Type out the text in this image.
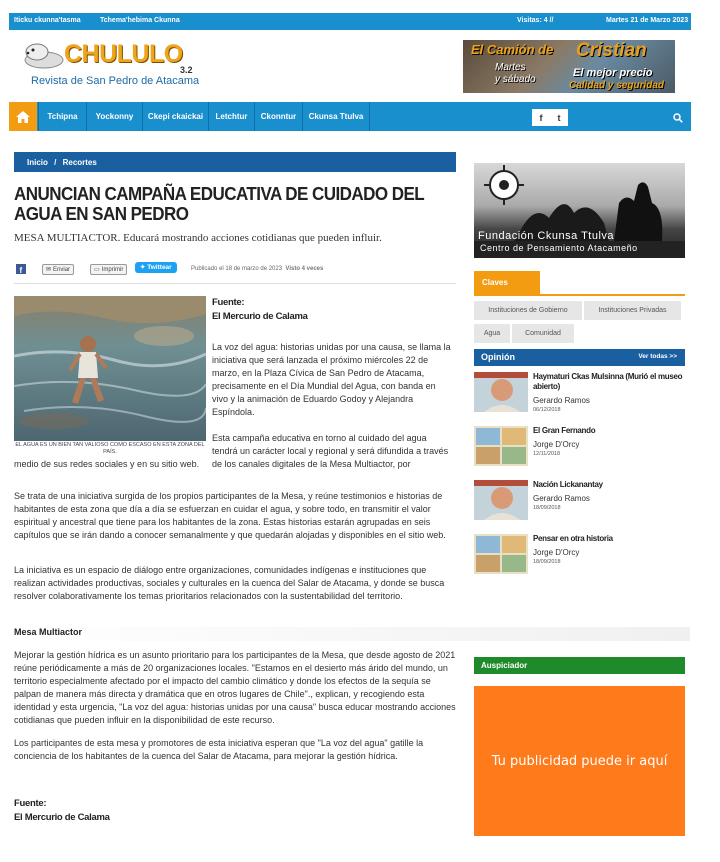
Iticku ckunna'tasma	Tchema'hebima Ckunna	Visitas: 4 //	Martes 21 de Marzo 2023
CHULULO
3.2
Revista de San Pedro de Atacama
El Camión de Cristian
Martes
y sábado
El mejor precio
Calidad y seguridad
Tchipna	Yockonny	Ckepi ckaickai	Letchtur	Ckonntur	Ckunsa Ttulva	f t
Inicio / Recortes
ANUNCIAN CAMPAÑA EDUCATIVA DE CUIDADO DEL AGUA EN SAN PEDRO
MESA MULTIACTOR. Educará mostrando acciones cotidianas que pueden influir.
f	✉ Enviar	▭ Imprimir	✦ Twittear	Publicado el 18 de marzo de 2023 Visto 4 veces
EL AGUA ES UN BIEN TAN VALIOSO COMO ESCASO EN ESTA ZONA DEL PAÍS.
Fuente:
El Mercurio de Calama
La voz del agua: historias unidas por una causa, se llama la iniciativa que será lanzada el próximo miércoles 22 de marzo, en la Plaza Cívica de San Pedro de Atacama, precisamente en el Día Mundial del Agua, con banda en vivo y la animación de Eduardo Godoy y Alejandra Espíndola.
Esta campaña educativa en torno al cuidado del agua tendrá un carácter local y regional y será difundida a través de los canales digitales de la Mesa Multiactor, por
medio de sus redes sociales y en su sitio web.
Se trata de una iniciativa surgida de los propios participantes de la Mesa, y reúne testimonios e historias de habitantes de esta zona que día a día se esfuerzan en cuidar el agua, y sobre todo, en transmitir el valor espiritual y ancestral que tiene para los habitantes de la zona. Estas historias estarán agrupadas en seis capítulos que se irán dando a conocer semanalmente y que quedarán alojadas y disponibles en el sitio web.
La iniciativa es un espacio de diálogo entre organizaciones, comunidades indígenas e instituciones que realizan actividades productivas, sociales y culturales en la cuenca del Salar de Atacama, y donde se busca resolver colaborativamente los temas prioritarios relacionados con la sustentabilidad del territorio.
Mesa Multiactor
Mejorar la gestión hídrica es un asunto prioritario para los participantes de la Mesa, que desde agosto de 2021 reúne periódicamente a más de 20 organizaciones locales. "Estamos en el desierto más árido del mundo, un territorio especialmente afectado por el impacto del cambio climático y donde los efectos de la sequía se palpan de manera más directa y dramática que en otros lugares de Chile"., explican, y recogiendo esta identidad y esta urgencia, "La voz del agua: historias unidas por una causa" busca educar mostrando acciones cotidianas que pueden influir en la disponibilidad de este recurso.
Los participantes de esta mesa y promotores de esta iniciativa esperan que "La voz del agua" gatille la conciencia de los habitantes de la cuenca del Salar de Atacama, para mejorar la gestión hídrica.
Fuente:
El Mercurio de Calama
Fundación Ckunsa Ttulva
Centro de Pensamiento Atacameño
Claves
Instituciones de Gobierno	Instituciones Privadas
Agua	Comunidad
Opinión	Ver todas >>
Haymaturi Ckas Mulsinna (Murió el museo abierto)
Gerardo Ramos
06/12/2018
El Gran Fernando
Jorge D'Orcy
12/11/2018
Nación Lickanantay
Gerardo Ramos
18/09/2018
Pensar en otra historia
Jorge D'Orcy
18/09/2018
Auspiciador
Tu publicidad puede ir aquí
